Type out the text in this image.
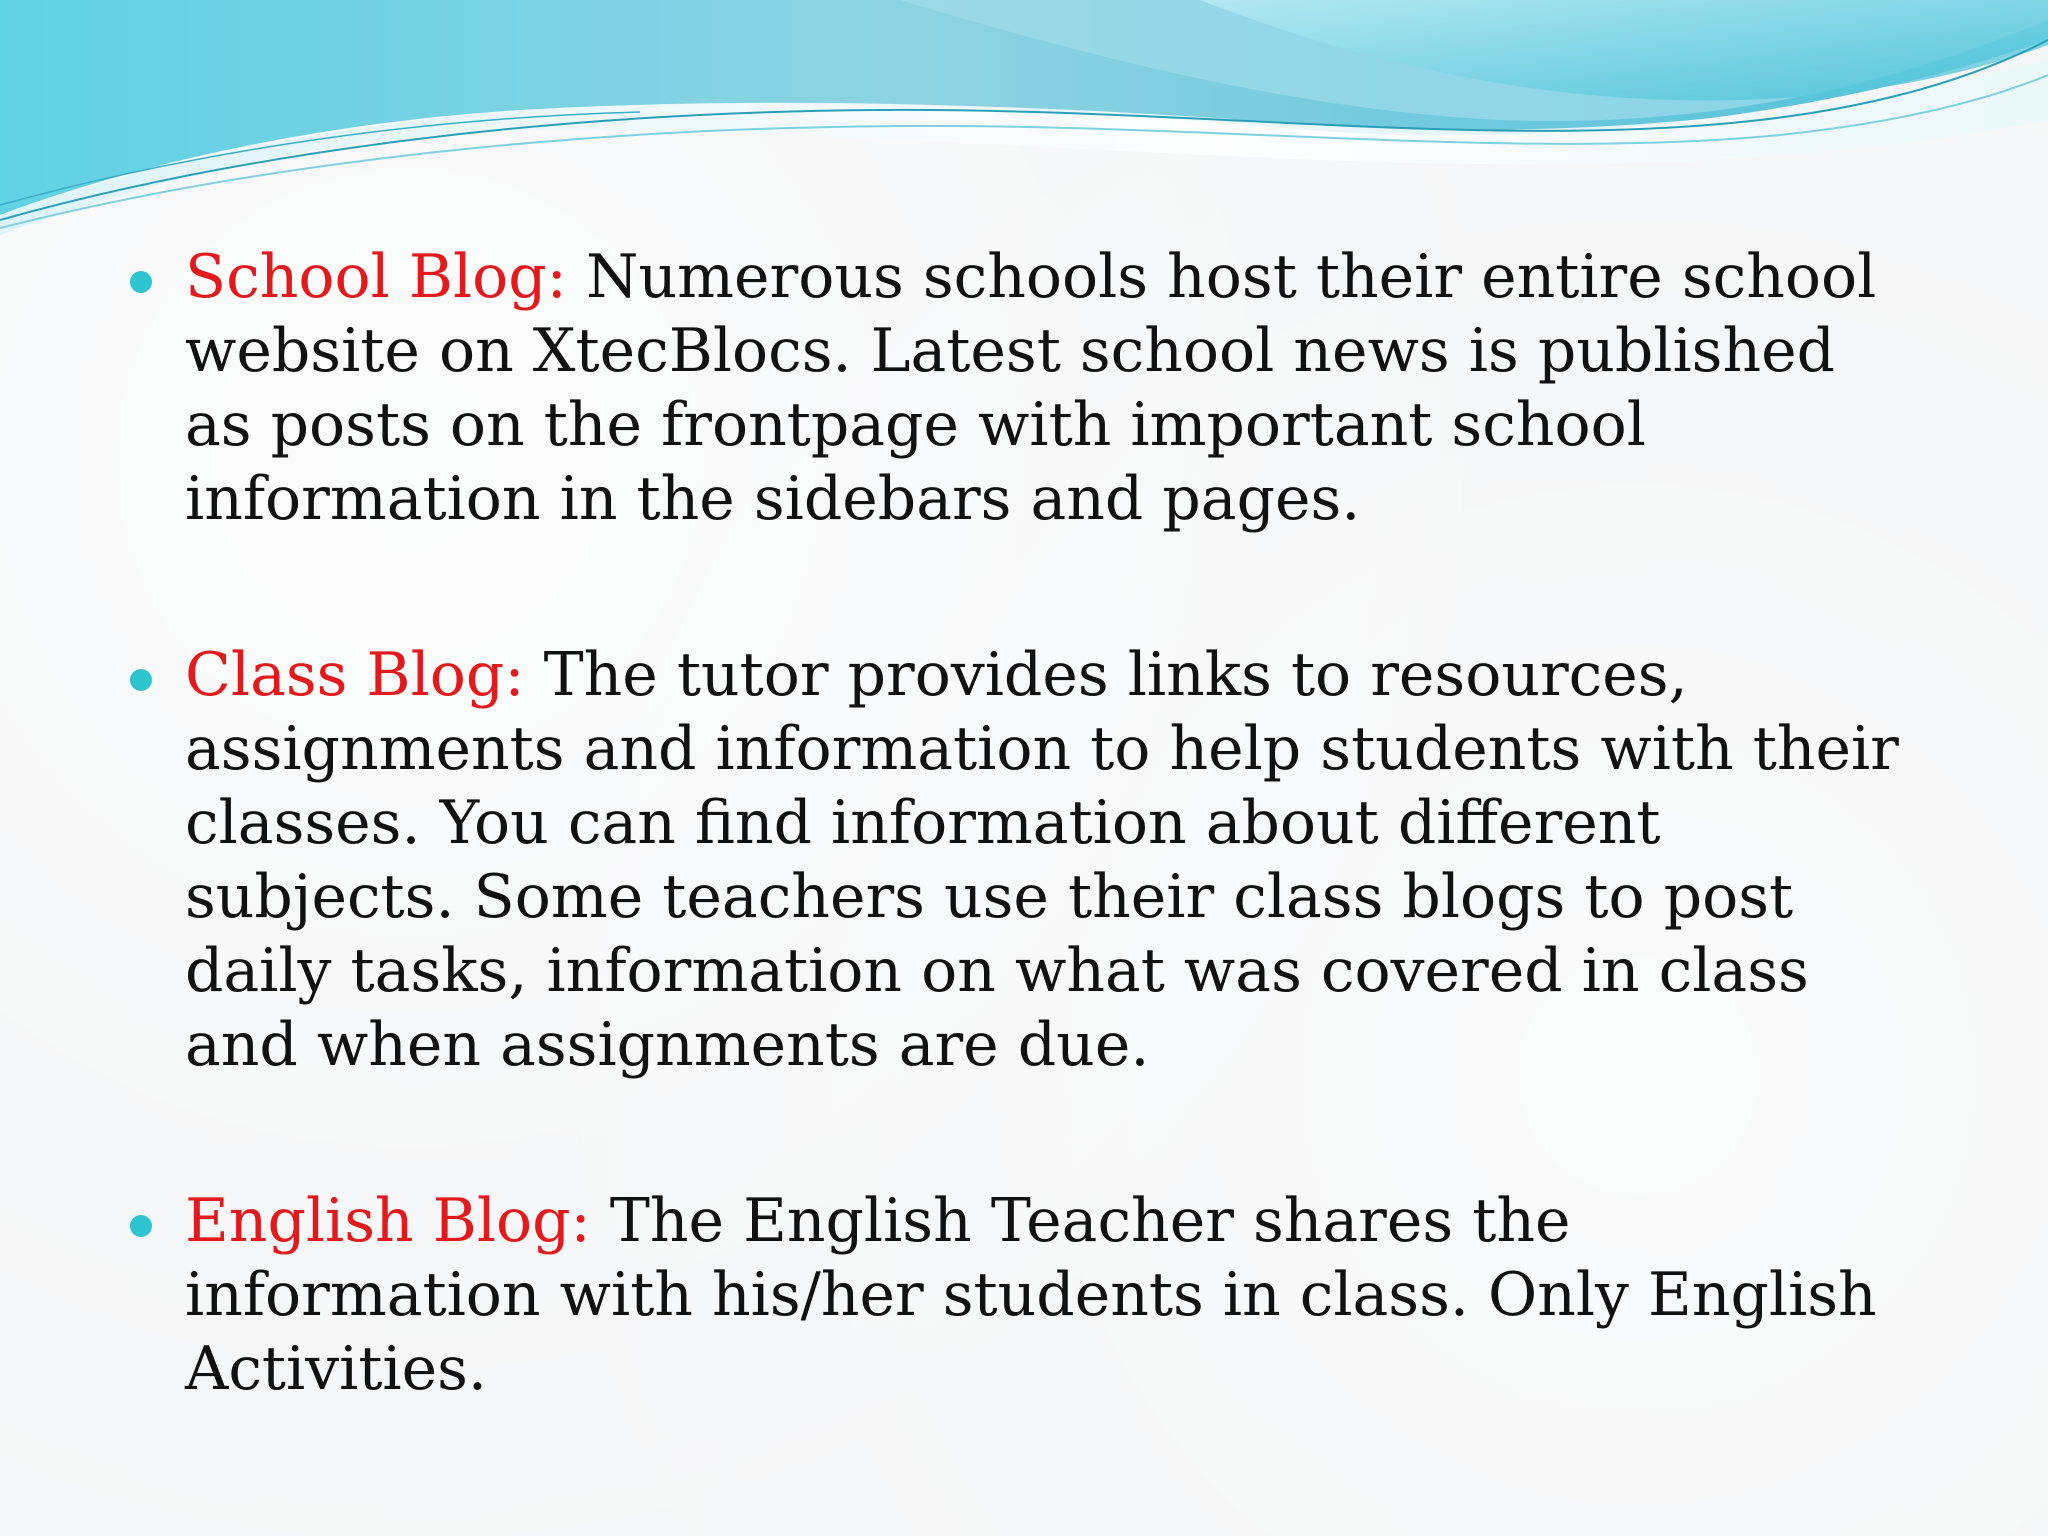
School Blog: Numerous schools host their entire school website on XtecBlocs. Latest school news is published as posts on the frontpage with important school information in the sidebars and pages.
Class Blog: The tutor provides links to resources, assignments and information to help students with their classes. You can find information about different subjects. Some teachers use their class blogs to post daily tasks, information on what was covered in class and when assignments are due.
English Blog: The English Teacher shares the information with his/her students in class. Only English Activities.
